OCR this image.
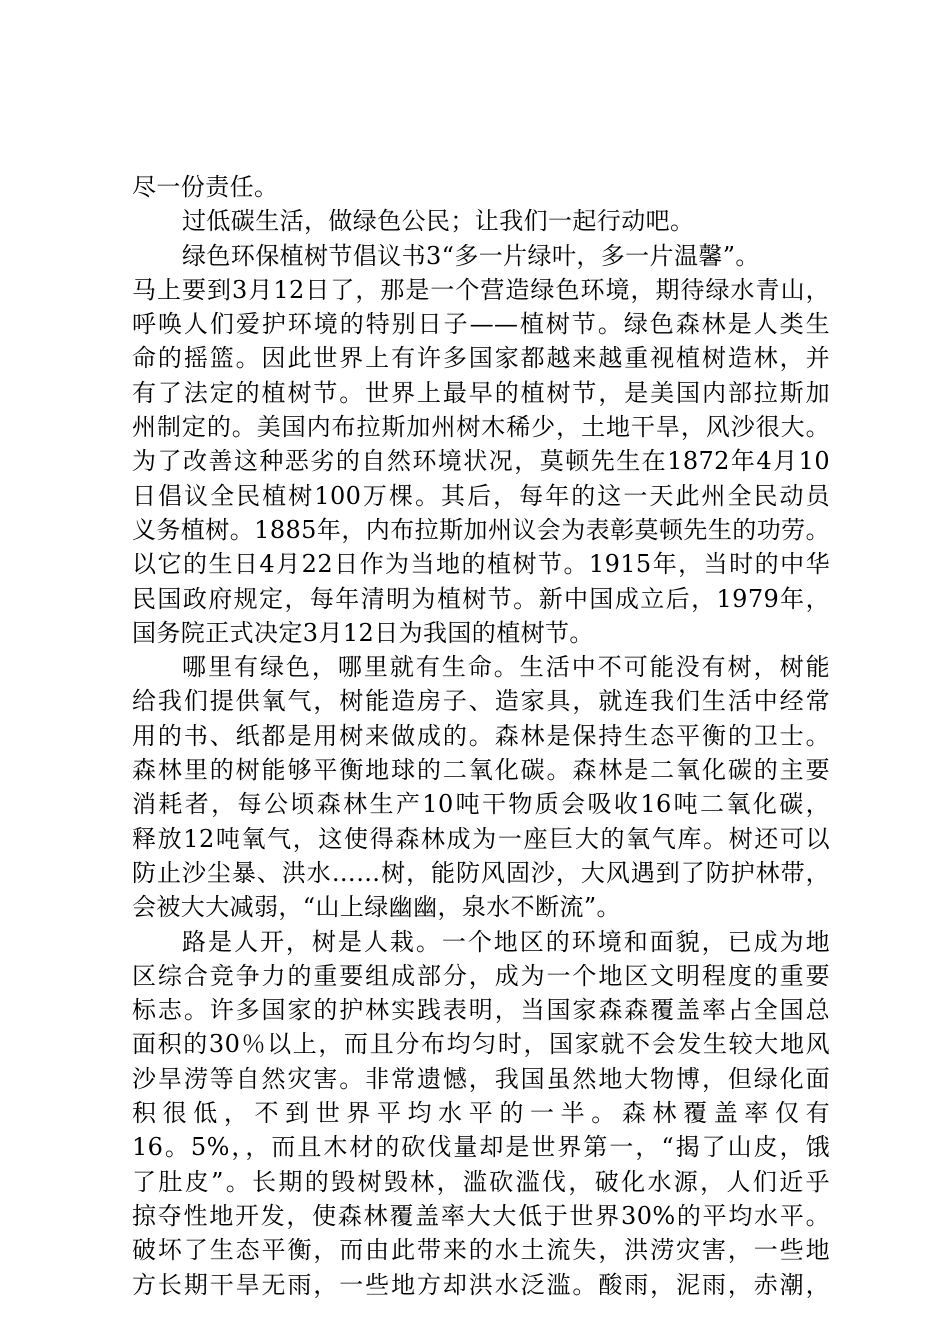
尽一份责任。
过低碳生活，做绿色公民；让我们一起行动吧。
绿色环保植树节倡议书3“多一片绿叶，多一片温馨”。
马上要到3月12日了，那是一个营造绿色环境，期待绿水青山，
呼唤人们爱护环境的特别日子——植树节。绿色森林是人类生
命的摇篮。因此世界上有许多国家都越来越重视植树造林，并
有了法定的植树节。世界上最早的植树节，是美国内部拉斯加
州制定的。美国内布拉斯加州树木稀少，土地干旱，风沙很大。
为了改善这种恶劣的自然环境状况，莫顿先生在1872年4月10
日倡议全民植树100万棵。其后，每年的这一天此州全民动员
义务植树。1885年，内布拉斯加州议会为表彰莫顿先生的功劳。
以它的生日4月22日作为当地的植树节。1915年，当时的中华
民国政府规定，每年清明为植树节。新中国成立后，1979年，
国务院正式决定3月12日为我国的植树节。
哪里有绿色，哪里就有生命。生活中不可能没有树，树能
给我们提供氧气，树能造房子、造家具，就连我们生活中经常
用的书、纸都是用树来做成的。森林是保持生态平衡的卫士。
森林里的树能够平衡地球的二氧化碳。森林是二氧化碳的主要
消耗者，每公顷森林生产10吨干物质会吸收16吨二氧化碳，
释放12吨氧气，这使得森林成为一座巨大的氧气库。树还可以
防止沙尘暴、洪水……树，能防风固沙，大风遇到了防护林带，
会被大大减弱，“山上绿幽幽，泉水不断流”。
路是人开，树是人栽。一个地区的环境和面貌，已成为地
区综合竞争力的重要组成部分，成为一个地区文明程度的重要
标志。许多国家的护林实践表明，当国家森森覆盖率占全国总
面积的30％以上，而且分布均匀时，国家就不会发生较大地风
沙旱涝等自然灾害。非常遗憾，我国虽然地大物博，但绿化面
积很低，不到世界平均水平的一半。森林覆盖率仅有
16。5%，，而且木材的砍伐量却是世界第一，“揭了山皮，饿
了肚皮”。长期的毁树毁林，滥砍滥伐，破化水源，人们近乎
掠夺性地开发，使森林覆盖率大大低于世界30%的平均水平。
破坏了生态平衡，而由此带来的水土流失，洪涝灾害，一些地
方长期干旱无雨，一些地方却洪水泛滥。酸雨，泥雨，赤潮，
